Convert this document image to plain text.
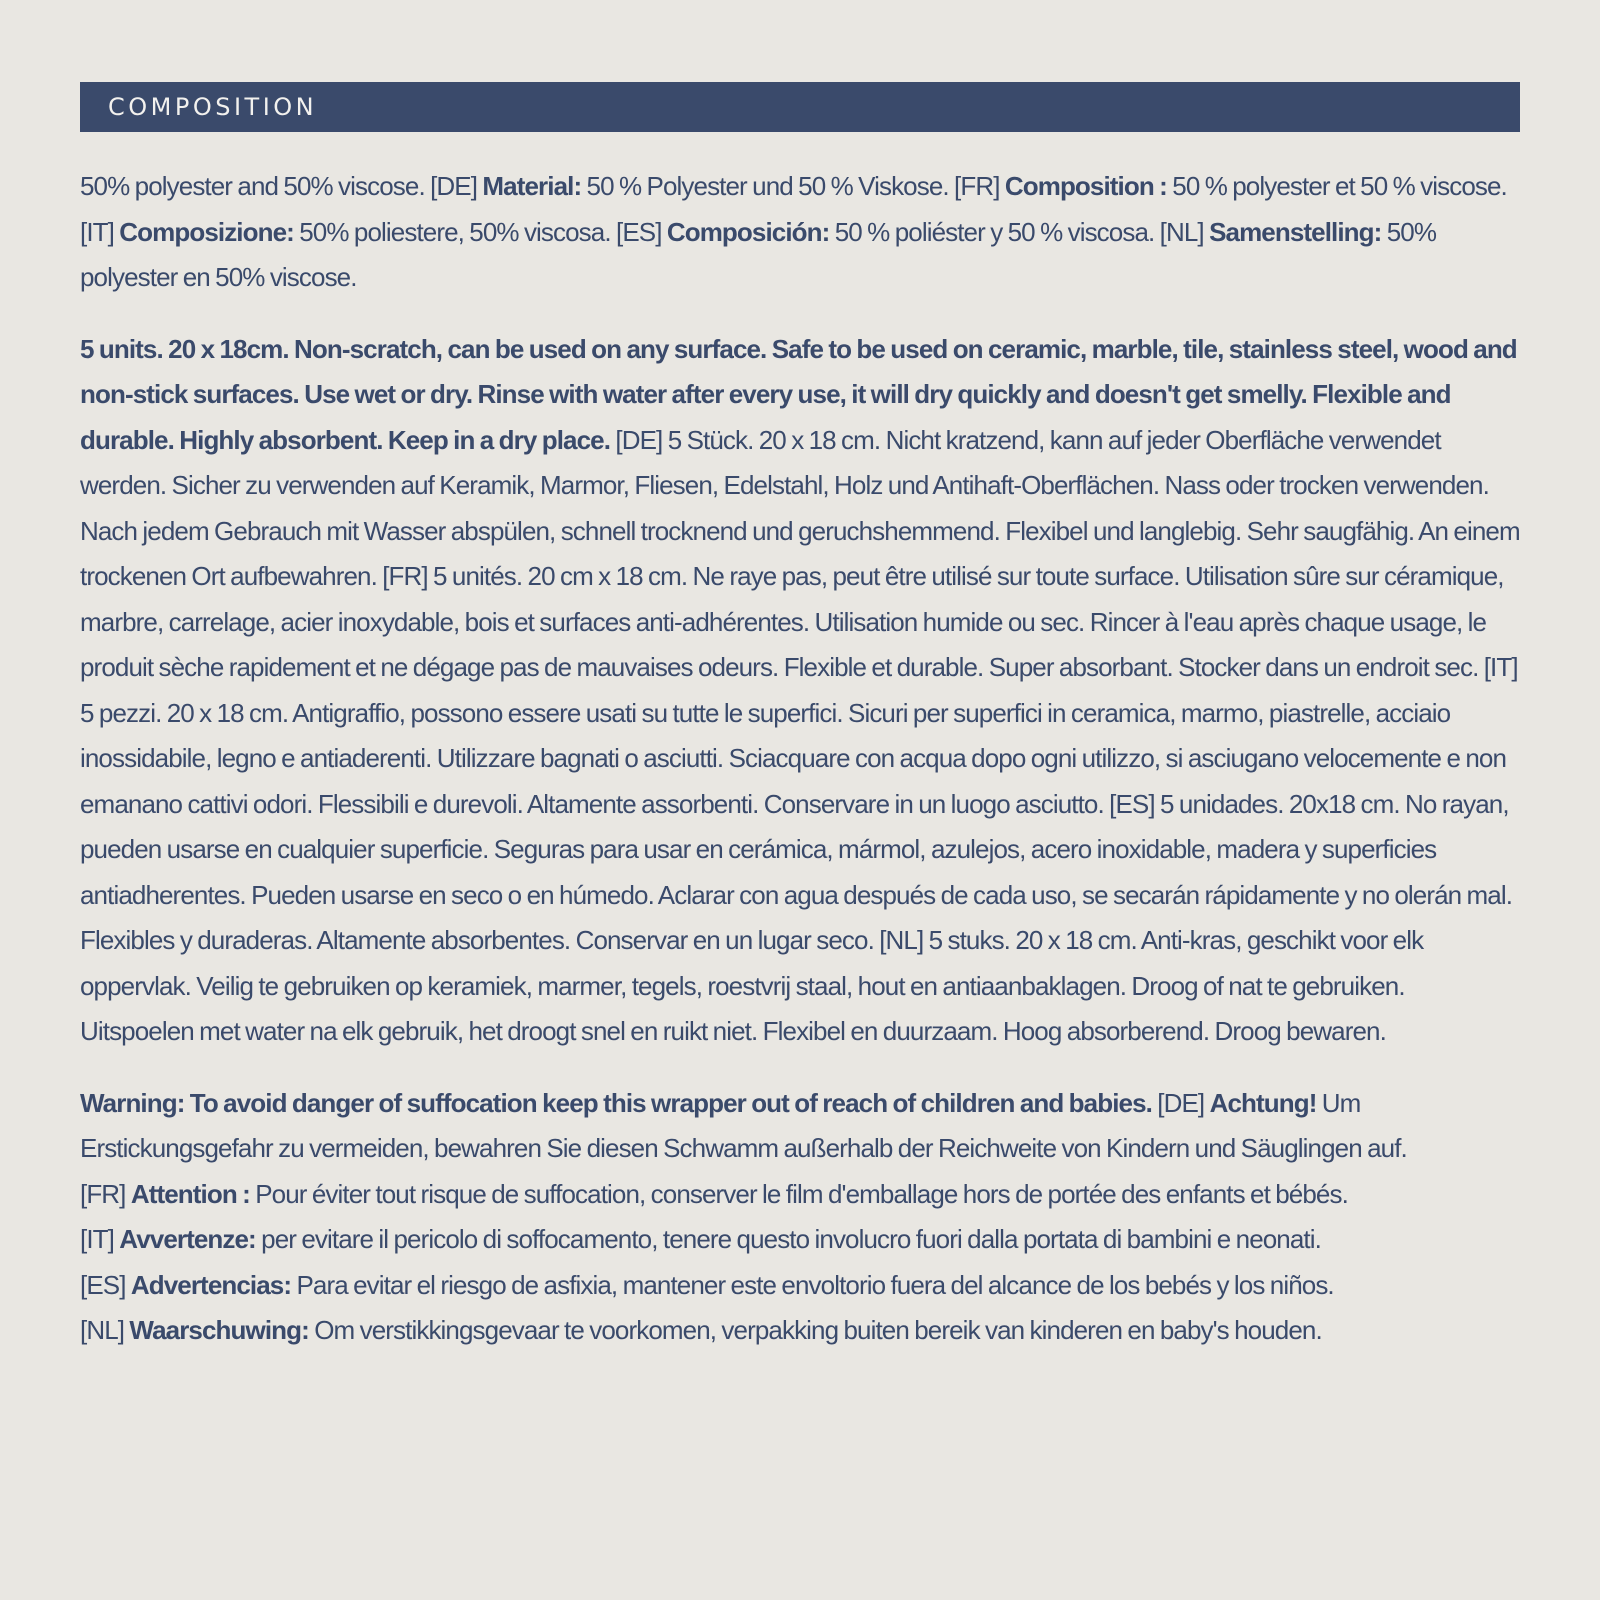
COMPOSITION

50% polyester and 50% viscose. [DE] Material: 50 % Polyester und 50 % Viskose. [FR] Composition : 50 % polyester et 50 % viscose. [IT] Composizione: 50% poliestere, 50% viscosa. [ES] Composición: 50 % poliéster y 50 % viscosa. [NL] Samenstelling: 50% polyester en 50% viscose.

5 units. 20 x 18cm. Non-scratch, can be used on any surface. Safe to be used on ceramic, marble, tile, stainless steel, wood and non-stick surfaces. Use wet or dry. Rinse with water after every use, it will dry quickly and doesn't get smelly. Flexible and durable. Highly absorbent. Keep in a dry place. [DE] 5 Stück. 20 x 18 cm. Nicht kratzend, kann auf jeder Oberfläche verwendet werden. Sicher zu verwenden auf Keramik, Marmor, Fliesen, Edelstahl, Holz und Antihaft-Oberflächen. Nass oder trocken verwenden. Nach jedem Gebrauch mit Wasser abspülen, schnell trocknend und geruchshemmend. Flexibel und langlebig. Sehr saugfähig. An einem trockenen Ort aufbewahren. [FR] 5 unités. 20 cm x 18 cm. Ne raye pas, peut être utilisé sur toute surface. Utilisation sûre sur céramique, marbre, carrelage, acier inoxydable, bois et surfaces anti-adhérentes. Utilisation humide ou sec. Rincer à l'eau après chaque usage, le produit sèche rapidement et ne dégage pas de mauvaises odeurs. Flexible et durable. Super absorbant. Stocker dans un endroit sec. [IT] 5 pezzi. 20 x 18 cm. Antigraffio, possono essere usati su tutte le superfici. Sicuri per superfici in ceramica, marmo, piastrelle, acciaio inossidabile, legno e antiaderenti. Utilizzare bagnati o asciutti. Sciacquare con acqua dopo ogni utilizzo, si asciugano velocemente e non emanano cattivi odori. Flessibili e durevoli. Altamente assorbenti. Conservare in un luogo asciutto. [ES] 5 unidades. 20x18 cm. No rayan, pueden usarse en cualquier superficie. Seguras para usar en cerámica, mármol, azulejos, acero inoxidable, madera y superficies antiadherentes. Pueden usarse en seco o en húmedo. Aclarar con agua después de cada uso, se secarán rápidamente y no olerán mal. Flexibles y duraderas. Altamente absorbentes. Conservar en un lugar seco. [NL] 5 stuks. 20 x 18 cm. Anti-kras, geschikt voor elk oppervlak. Veilig te gebruiken op keramiek, marmer, tegels, roestvrij staal, hout en antiaanbaklagen. Droog of nat te gebruiken. Uitspoelen met water na elk gebruik, het droogt snel en ruikt niet. Flexibel en duurzaam. Hoog absorberend. Droog bewaren.

Warning: To avoid danger of suffocation keep this wrapper out of reach of children and babies. [DE] Achtung! Um Erstickungsgefahr zu vermeiden, bewahren Sie diesen Schwamm außerhalb der Reichweite von Kindern und Säuglingen auf.
[FR] Attention : Pour éviter tout risque de suffocation, conserver le film d'emballage hors de portée des enfants et bébés.
[IT] Avvertenze: per evitare il pericolo di soffocamento, tenere questo involucro fuori dalla portata di bambini e neonati.
[ES] Advertencias: Para evitar el riesgo de asfixia, mantener este envoltorio fuera del alcance de los bebés y los niños.
[NL] Waarschuwing: Om verstikkingsgevaar te voorkomen, verpakking buiten bereik van kinderen en baby's houden.
